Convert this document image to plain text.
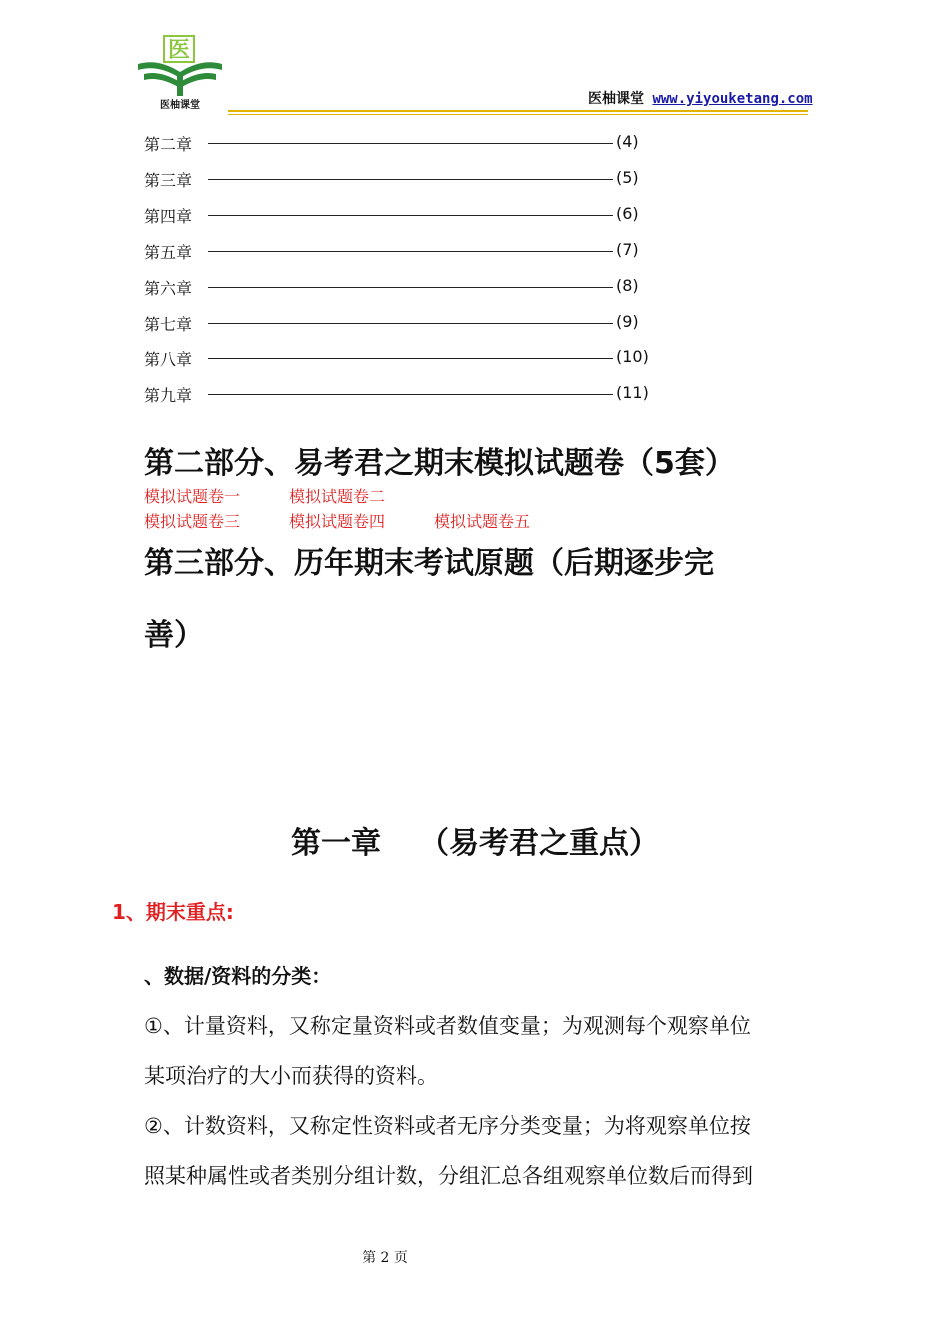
医
医柚课堂	医柚课堂 www.yiyouketang.com
第二章	(4)
第三章	(5)
第四章	(6)
第五章	(7)
第六章	(8)
第七章	(9)
第八章	(10)
第九章	(11)
第二部分、易考君之期末模拟试题卷（5套）
模拟试题卷一	模拟试题卷二
模拟试题卷三	模拟试题卷四	模拟试题卷五
第三部分、历年期末考试原题（后期逐步完
善）
第一章 （易考君之重点）
1、期末重点:
、数据/资料的分类：
①、计量资料，又称定量资料或者数值变量；为观测每个观察单位
某项治疗的大小而获得的资料。
②、计数资料，又称定性资料或者无序分类变量；为将观察单位按
照某种属性或者类别分组计数，分组汇总各组观察单位数后而得到
第 2 页
